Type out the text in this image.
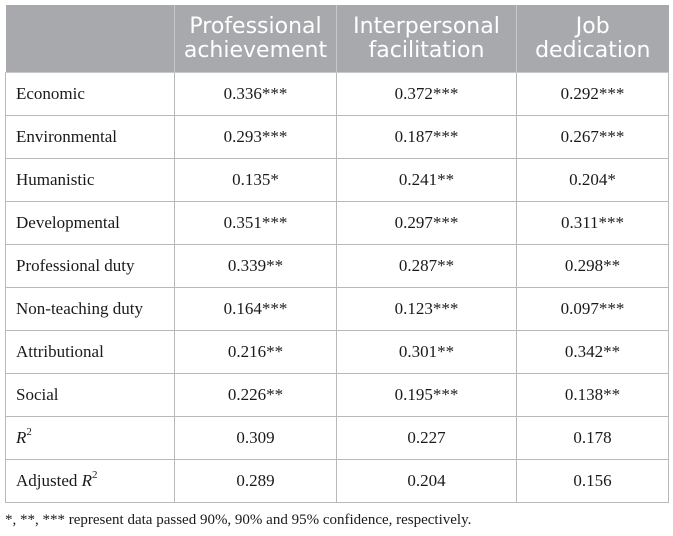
	Professional achievement	Interpersonal facilitation	Job dedication
Economic	0.336***	0.372***	0.292***
Environmental	0.293***	0.187***	0.267***
Humanistic	0.135*	0.241**	0.204*
Developmental	0.351***	0.297***	0.311***
Professional duty	0.339**	0.287**	0.298**
Non-teaching duty	0.164***	0.123***	0.097***
Attributional	0.216**	0.301**	0.342**
Social	0.226**	0.195***	0.138**
$R^2$	0.309	0.227	0.178
Adjusted $R^2$	0.289	0.204	0.156
*, **, *** represent data passed 90%, 90% and 95% confidence, respectively.
